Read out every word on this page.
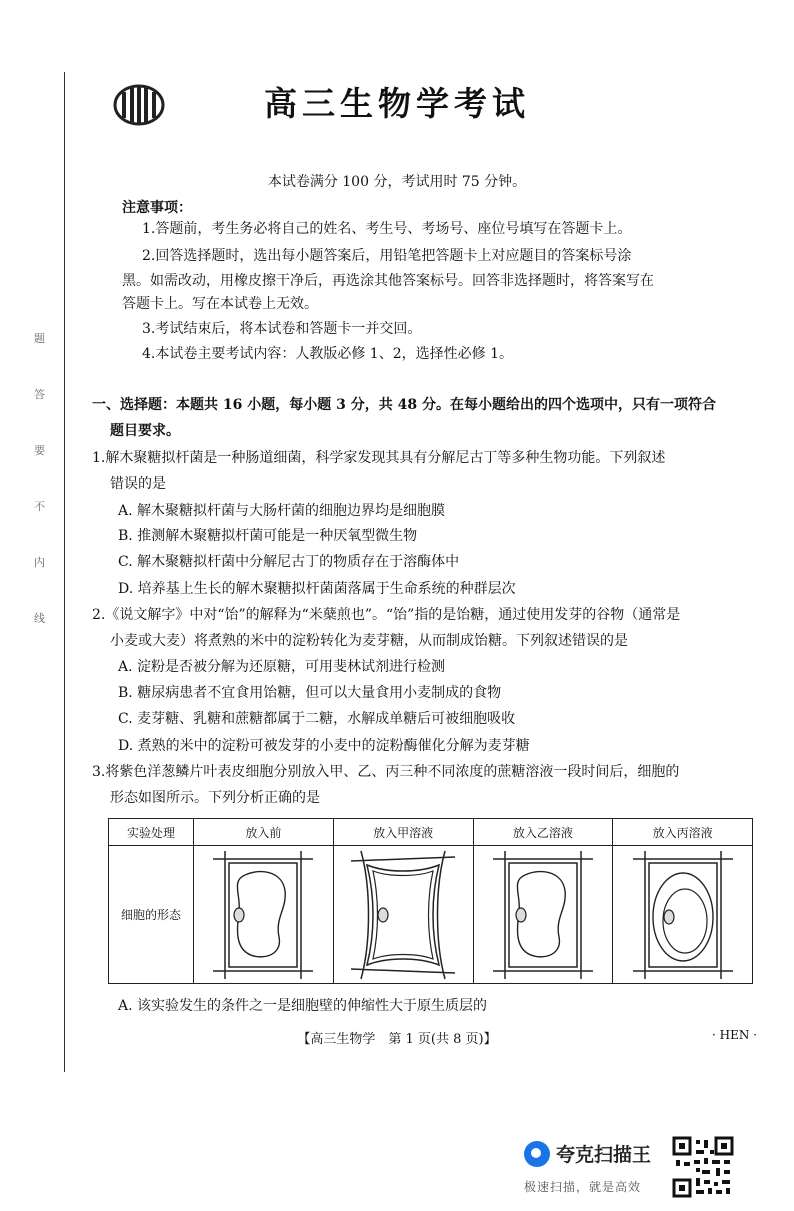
高三生物学考试
本试卷满分 100 分，考试用时 75 分钟。
题
答
要
不
内
线
注意事项：
1.答题前，考生务必将自己的姓名、考生号、考场号、座位号填写在答题卡上。
2.回答选择题时，选出每小题答案后，用铅笔把答题卡上对应题目的答案标号涂
黑。如需改动，用橡皮擦干净后，再选涂其他答案标号。回答非选择题时，将答案写在
答题卡上。写在本试卷上无效。
3.考试结束后，将本试卷和答题卡一并交回。
4.本试卷主要考试内容：人教版必修 1、2，选择性必修 1。
一、选择题：本题共 16 小题，每小题 3 分，共 48 分。在每小题给出的四个选项中，只有一项符合
题目要求。
1.解木聚糖拟杆菌是一种肠道细菌，科学家发现其具有分解尼古丁等多种生物功能。下列叙述
错误的是
A. 解木聚糖拟杆菌与大肠杆菌的细胞边界均是细胞膜
B. 推测解木聚糖拟杆菌可能是一种厌氧型微生物
C. 解木聚糖拟杆菌中分解尼古丁的物质存在于溶酶体中
D. 培养基上生长的解木聚糖拟杆菌菌落属于生命系统的种群层次
2.《说文解字》中对“饴”的解释为“米蘖煎也”。“饴”指的是饴糖，通过使用发芽的谷物（通常是
小麦或大麦）将煮熟的米中的淀粉转化为麦芽糖，从而制成饴糖。下列叙述错误的是
A. 淀粉是否被分解为还原糖，可用斐林试剂进行检测
B. 糖尿病患者不宜食用饴糖，但可以大量食用小麦制成的食物
C. 麦芽糖、乳糖和蔗糖都属于二糖，水解成单糖后可被细胞吸收
D. 煮熟的米中的淀粉可被发芽的小麦中的淀粉酶催化分解为麦芽糖
3.将紫色洋葱鳞片叶表皮细胞分别放入甲、乙、丙三种不同浓度的蔗糖溶液一段时间后，细胞的
形态如图所示。下列分析正确的是
实验处理	放入前	放入甲溶液	放入乙溶液	放入丙溶液
细胞的形态	

A. 该实验发生的条件之一是细胞壁的伸缩性大于原生质层的
【高三生物学　第 1 页(共 8 页)】	· HEN ·
夸克扫描王
极速扫描，就是高效
